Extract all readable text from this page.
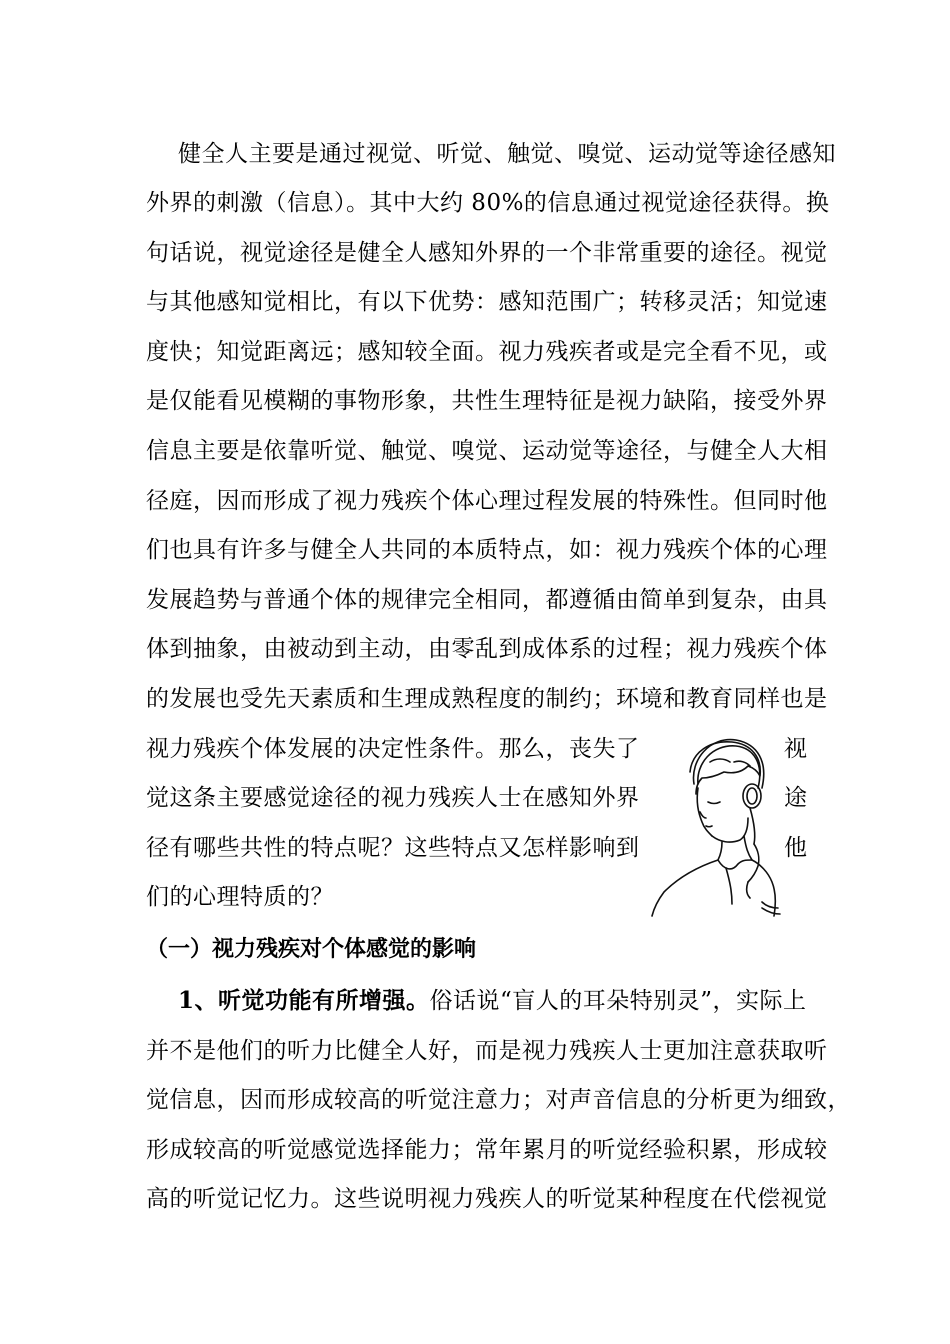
健全人主要是通过视觉、听觉、触觉、嗅觉、运动觉等途径感知
外界的刺激（信息）。其中大约 80%的信息通过视觉途径获得。换
句话说，视觉途径是健全人感知外界的一个非常重要的途径。视觉
与其他感知觉相比，有以下优势：感知范围广；转移灵活；知觉速
度快；知觉距离远；感知较全面。视力残疾者或是完全看不见，或
是仅能看见模糊的事物形象，共性生理特征是视力缺陷，接受外界
信息主要是依靠听觉、触觉、嗅觉、运动觉等途径，与健全人大相
径庭，因而形成了视力残疾个体心理过程发展的特殊性。但同时他
们也具有许多与健全人共同的本质特点，如：视力残疾个体的心理
发展趋势与普通个体的规律完全相同，都遵循由简单到复杂，由具
体到抽象，由被动到主动，由零乱到成体系的过程；视力残疾个体
的发展也受先天素质和生理成熟程度的制约；环境和教育同样也是
视力残疾个体发展的决定性条件。那么，丧失了	视
觉这条主要感觉途径的视力残疾人士在感知外界	途
径有哪些共性的特点呢？这些特点又怎样影响到	他
们的心理特质的？
（一）视力残疾对个体感觉的影响
1、听觉功能有所增强。俗话说“盲人的耳朵特别灵”，实际上
并不是他们的听力比健全人好，而是视力残疾人士更加注意获取听
觉信息，因而形成较高的听觉注意力；对声音信息的分析更为细致，
形成较高的听觉感觉选择能力；常年累月的听觉经验积累，形成较
高的听觉记忆力。这些说明视力残疾人的听觉某种程度在代偿视觉
